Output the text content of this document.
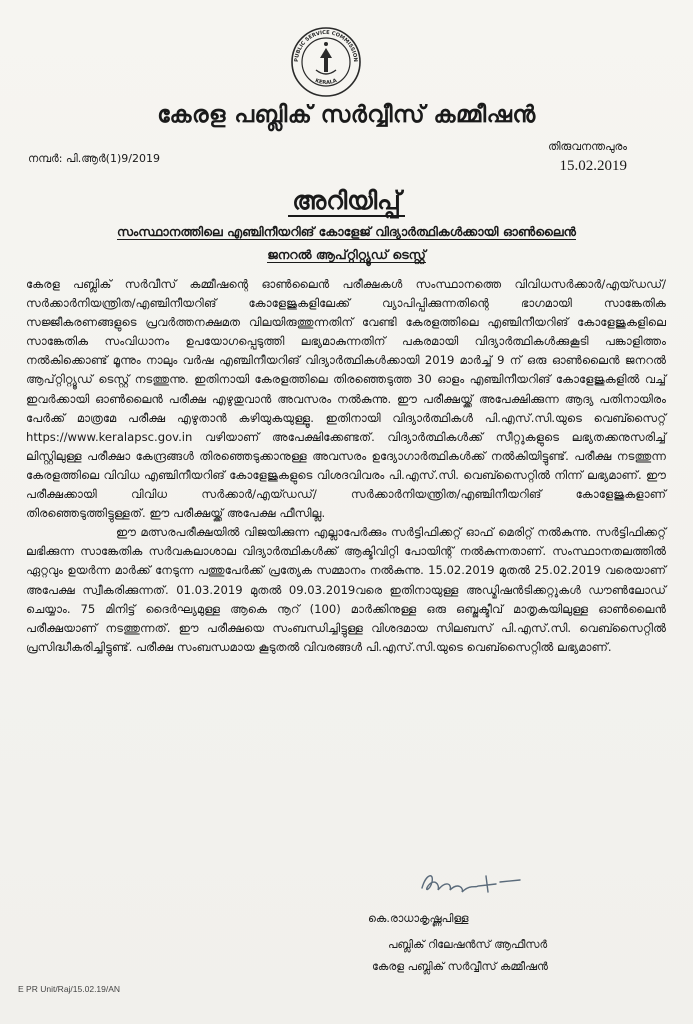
PUBLIC SERVICE COMMISSION
KERALA
കേരള പബ്ലിക് സർവ്വീസ് കമ്മീഷൻ
നമ്പർ: പി.ആർ(1)9/2019
തിരുവനന്തപുരം
15.02.2019
അറിയിപ്പ്
സംസ്ഥാനത്തിലെ എഞ്ചിനീയറിങ് കോളേജ് വിദ്യാർത്ഥികൾക്കായി ഓൺലൈൻ
ജനറൽ ആപ്റ്റിറ്റ്യൂഡ് ടെസ്റ്റ്

കേരള പബ്ലിക് സർവീസ് കമ്മീഷന്റെ ഓൺലൈൻ പരീക്ഷകൾ സംസ്ഥാനത്തെ വിവിധസർക്കാർ/എയ്ഡഡ്/സർക്കാർനിയന്ത്രിത/എഞ്ചിനീയറിങ് കോളേജുകളിലേക്ക് വ്യാപിപ്പിക്കുന്നതിന്റെ ഭാഗമായി സാങ്കേതിക സജ്ജീകരണങ്ങളുടെ പ്രവർത്തനക്ഷമത വിലയിരുത്തുന്നതിന് വേണ്ടി കേരളത്തിലെ എഞ്ചിനീയറിങ് കോളേജുകളിലെ സാങ്കേതിക സംവിധാനം ഉപയോഗപ്പെടുത്തി ലഭ്യമാകുന്നതിന് പകരമായി വിദ്യാർത്ഥികൾക്കുകൂടി പങ്കാളിത്തം നൽകിക്കൊണ്ട് മൂന്നും നാലും വർഷ എഞ്ചിനീയറിങ് വിദ്യാർത്ഥികൾക്കായി 2019 മാർച്ച് 9 ന് ഒരു ഓൺലൈൻ ജനറൽ ആപ്റ്റിറ്റ്യൂഡ് ടെസ്റ്റ് നടത്തുന്നു. ഇതിനായി കേരളത്തിലെ തിരഞ്ഞെടുത്ത 30 ഓളം എഞ്ചിനീയറിങ് കോളേജുകളിൽ വച്ച് ഇവർക്കായി ഓൺലൈൻ പരീക്ഷ എഴുതുവാൻ അവസരം നൽകുന്നു. ഈ പരീക്ഷയ്ക്ക് അപേക്ഷിക്കുന്ന ആദ്യ പതിനായിരം പേർക്ക് മാത്രമേ പരീക്ഷ എഴുതാൻ കഴിയുകയുള്ളൂ. ഇതിനായി വിദ്യാർത്ഥികൾ പി.എസ്.സി.യുടെ വെബ്സൈറ്റ് https://www.keralapsc.gov.in വഴിയാണ് അപേക്ഷിക്കേണ്ടത്. വിദ്യാർത്ഥികൾക്ക് സീറ്റുകളുടെ ലഭ്യതക്കനുസരിച്ച് ലിസ്റ്റിലുള്ള പരീക്ഷാ കേന്ദ്രങ്ങൾ തിരഞ്ഞെടുക്കാനുള്ള അവസരം ഉദ്യോഗാർത്ഥികൾക്ക് നൽകിയിട്ടുണ്ട്. പരീക്ഷ നടത്തുന്ന കേരളത്തിലെ വിവിധ എഞ്ചിനീയറിങ് കോളേജുകളുടെ വിശദവിവരം പി.എസ്.സി. വെബ്സൈറ്റിൽ നിന്ന് ലഭ്യമാണ്. ഈ പരീക്ഷക്കായി വിവിധ സർക്കാർ/എയ്ഡഡ്/ സർക്കാർനിയന്ത്രിത/എഞ്ചിനീയറിങ് കോളേജുകളാണ് തിരഞ്ഞെടുത്തിട്ടുള്ളത്. ഈ പരീക്ഷയ്ക്ക് അപേക്ഷ ഫീസില്ല.

ഈ മത്സരപരീക്ഷയിൽ വിജയിക്കുന്ന എല്ലാപേർക്കും സർട്ടിഫിക്കറ്റ് ഓഫ് മെരിറ്റ് നൽകുന്നു. സർട്ടിഫിക്കറ്റ് ലഭിക്കുന്ന സാങ്കേതിക സർവകലാശാല വിദ്യാർത്ഥികൾക്ക് ആക്ടിവിറ്റി പോയിന്റ് നൽകുന്നതാണ്. സംസ്ഥാനതലത്തിൽ ഏറ്റവും ഉയർന്ന മാർക്ക് നേടുന്ന പത്തുപേർക്ക് പ്രത്യേക സമ്മാനം നൽകുന്നു. 15.02.2019 മുതൽ 25.02.2019 വരെയാണ് അപേക്ഷ സ്വീകരിക്കുന്നത്. 01.03.2019 മുതൽ 09.03.2019വരെ ഇതിനായുള്ള അഡ്മിഷൻടിക്കറ്റുകൾ ഡൗൺലോഡ് ചെയ്യാം. 75 മിനിട്ട് ദൈർഘ്യമുള്ള ആകെ നൂറ് (100) മാർക്കിനുള്ള ഒരു ഒബ്ജക്ടീവ് മാതൃകയിലുള്ള ഓൺലൈൻ പരീക്ഷയാണ് നടത്തുന്നത്. ഈ പരീക്ഷയെ സംബന്ധിച്ചിട്ടുള്ള വിശദമായ സിലബസ് പി.എസ്.സി. വെബ്സൈറ്റിൽ പ്രസിദ്ധീകരിച്ചിട്ടുണ്ട്. പരീക്ഷ സംബന്ധമായ കൂടുതൽ വിവരങ്ങൾ പി.എസ്.സി.യുടെ വെബ്സൈറ്റിൽ ലഭ്യമാണ്.

കെ.രാധാകൃഷ്ണപിള്ള
പബ്ലിക് റിലേഷൻസ് ആഫീസർ
കേരള പബ്ലിക് സർവ്വീസ് കമ്മീഷൻ
E PR Unit/Raj/15.02.19/AN
